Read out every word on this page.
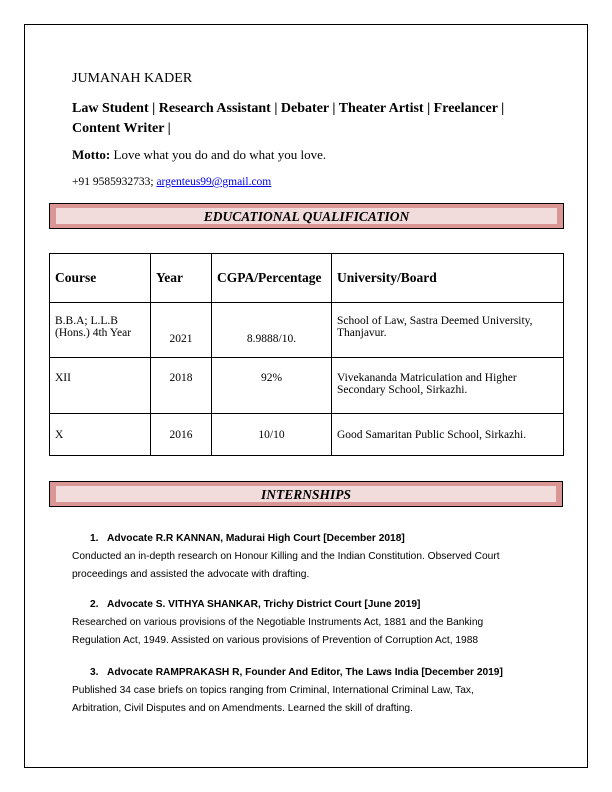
JUMANAH KADER
Law Student | Research Assistant | Debater | Theater Artist | Freelancer | Content Writer |
Motto: Love what you do and do what you love.
+91 9585932733; argenteus99@gmail.com
EDUCATIONAL QUALIFICATION
Course	Year	CGPA/Percentage	University/Board
B.B.A; L.L.B (Hons.) 4th Year	2021	8.9888/10.	School of Law, Sastra Deemed University, Thanjavur.
XII	2018	92%	Vivekananda Matriculation and Higher Secondary School, Sirkazhi.
X	2016	10/10	Good Samaritan Public School, Sirkazhi.
INTERNSHIPS
1. Advocate R.R KANNAN, Madurai High Court [December 2018]
Conducted an in-depth research on Honour Killing and the Indian Constitution. Observed Court
proceedings and assisted the advocate with drafting.
2. Advocate S. VITHYA SHANKAR, Trichy District Court [June 2019]
Researched on various provisions of the Negotiable Instruments Act, 1881 and the Banking
Regulation Act, 1949. Assisted on various provisions of Prevention of Corruption Act, 1988
3. Advocate RAMPRAKASH R, Founder And Editor, The Laws India [December 2019]
Published 34 case briefs on topics ranging from Criminal, International Criminal Law, Tax,
Arbitration, Civil Disputes and on Amendments. Learned the skill of drafting.
